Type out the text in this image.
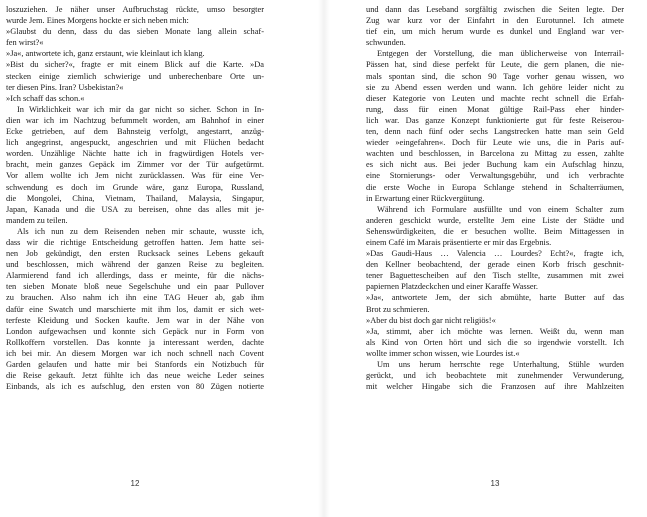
loszuziehen. Je näher unser Aufbruchstag rückte, umso besorgter
wurde Jem. Eines Morgens hockte er sich neben mich:
»Glaubst du denn, dass du das sieben Monate lang allein schaf-
fen wirst?«
»Ja«, antwortete ich, ganz erstaunt, wie kleinlaut ich klang.
»Bist du sicher?«, fragte er mit einem Blick auf die Karte. »Da
stecken einige ziemlich schwierige und unberechenbare Orte un-
ter diesen Pins. Iran? Usbekistan?«
»Ich schaff das schon.«
In Wirklichkeit war ich mir da gar nicht so sicher. Schon in In-
dien war ich im Nachtzug befummelt worden, am Bahnhof in einer
Ecke getrieben, auf dem Bahnsteig verfolgt, angestarrt, anzüg-
lich angegrinst, angespuckt, angeschrien und mit Flüchen bedacht
worden. Unzählige Nächte hatte ich in fragwürdigen Hotels ver-
bracht, mein ganzes Gepäck im Zimmer vor der Tür aufgetürmt.
Vor allem wollte ich Jem nicht zurücklassen. Was für eine Ver-
schwendung es doch im Grunde wäre, ganz Europa, Russland,
die Mongolei, China, Vietnam, Thailand, Malaysia, Singapur,
Japan, Kanada und die USA zu bereisen, ohne das alles mit je-
mandem zu teilen.
Als ich nun zu dem Reisenden neben mir schaute, wusste ich,
dass wir die richtige Entscheidung getroffen hatten. Jem hatte sei-
nen Job gekündigt, den ersten Rucksack seines Lebens gekauft
und beschlossen, mich während der ganzen Reise zu begleiten.
Alarmierend fand ich allerdings, dass er meinte, für die nächs-
ten sieben Monate bloß neue Segelschuhe und ein paar Pullover
zu brauchen. Also nahm ich ihn eine TAG Heuer ab, gab ihm
dafür eine Swatch und marschierte mit ihm los, damit er sich wet-
terfeste Kleidung und Socken kaufte. Jem war in der Nähe von
London aufgewachsen und konnte sich Gepäck nur in Form von
Rollkoffern vorstellen. Das konnte ja interessant werden, dachte
ich bei mir. An diesem Morgen war ich noch schnell nach Covent
Garden gelaufen und hatte mir bei Stanfords ein Notizbuch für
die Reise gekauft. Jetzt fühlte ich das neue weiche Leder seines
Einbands, als ich es aufschlug, den ersten von 80 Zügen notierte
12
und dann das Leseband sorgfältig zwischen die Seiten legte. Der
Zug war kurz vor der Einfahrt in den Eurotunnel. Ich atmete
tief ein, um mich herum wurde es dunkel und England war ver-
schwunden.
Entgegen der Vorstellung, die man üblicherweise von Interrail-
Pässen hat, sind diese perfekt für Leute, die gern planen, die nie-
mals spontan sind, die schon 90 Tage vorher genau wissen, wo
sie zu Abend essen werden und wann. Ich gehöre leider nicht zu
dieser Kategorie von Leuten und machte recht schnell die Erfah-
rung, dass für einen Monat gültige Rail-Pass eher hinder-
lich war. Das ganze Konzept funktionierte gut für feste Reiserou-
ten, denn nach fünf oder sechs Langstrecken hatte man sein Geld
wieder »eingefahren«. Doch für Leute wie uns, die in Paris auf-
wachten und beschlossen, in Barcelona zu Mittag zu essen, zahlte
es sich nicht aus. Bei jeder Buchung kam ein Aufschlag hinzu,
eine Stornierungs- oder Verwaltungsgebühr, und ich verbrachte
die erste Woche in Europa Schlange stehend in Schalterräumen,
in Erwartung einer Rückvergütung.
Während ich Formulare ausfüllte und von einem Schalter zum
anderen geschickt wurde, erstellte Jem eine Liste der Städte und
Sehenswürdigkeiten, die er besuchen wollte. Beim Mittagessen in
einem Café im Marais präsentierte er mir das Ergebnis.
»Das Gaudi-Haus … Valencia … Lourdes? Echt?«, fragte ich,
den Kellner beobachtend, der gerade einen Korb frisch geschnit-
tener Baguettescheiben auf den Tisch stellte, zusammen mit zwei
papiernen Platzdeckchen und einer Karaffe Wasser.
»Ja«, antwortete Jem, der sich abmühte, harte Butter auf das
Brot zu schmieren.
»Aber du bist doch gar nicht religiös!«
»Ja, stimmt, aber ich möchte was lernen. Weißt du, wenn man
als Kind von Orten hört und sich die so irgendwie vorstellt. Ich
wollte immer schon wissen, wie Lourdes ist.«
Um uns herum herrschte rege Unterhaltung, Stühle wurden
gerückt, und ich beobachtete mit zunehmender Verwunderung,
mit welcher Hingabe sich die Franzosen auf ihre Mahlzeiten
13
